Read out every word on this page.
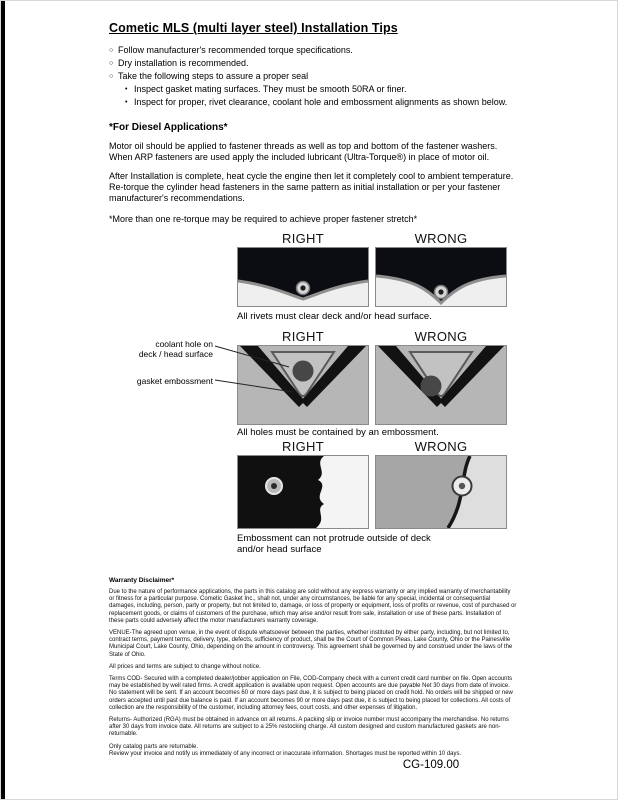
Cometic MLS (multi layer steel) Installation Tips
○ Follow manufacturer's recommended torque specifications.
○ Dry installation is recommended.
○ Take the following steps to assure a proper seal
• Inspect gasket mating surfaces. They must be smooth 50RA or finer.
• Inspect for proper, rivet clearance, coolant hole and embossment alignments as shown below.
*For Diesel Applications*
Motor oil should be applied to fastener threads as well as top and bottom of the fastener washers. When ARP fasteners are used apply the included lubricant (Ultra-Torque®) in place of motor oil.
After Installation is complete, heat cycle the engine then let it completely cool to ambient temperature. Re-torque the cylinder head fasteners in the same pattern as initial installation or per your fastener manufacturer's recommendations.
*More than one re-torque may be required to achieve proper fastener stretch*
RIGHT	WRONG
All rivets must clear deck and/or head surface.
RIGHT	WRONG
coolant hole on
deck / head surface
gasket embossment
All holes must be contained by an embossment.
RIGHT	WRONG
Embossment can not protrude outside of deck and/or head surface
Warranty Disclaimer*
Due to the nature of performance applications, the parts in this catalog are sold without any express warranty or any implied warranty of merchantability or fitness for a particular purpose. Cometic Gasket Inc., shall not, under any circumstances, be liable for any special, incidental or consequential damages, including, person, party or property, but not limited to, damage, or loss of property or equipment, loss of profits or revenue, cost of purchased or replacement goods, or claims of customers of the purchase, which may arise and/or result from sale, installation or use of these parts. Installation of these parts could adversely affect the motor manufacturers warranty coverage.
VENUE-The agreed upon venue, in the event of dispute whatsoever between the parties, whether instituted by either party, including, but not limited to, contract terms, payment terms, delivery, type, defects, sufficiency of product, shall be the Court of Common Pleas, Lake County, Ohio or the Painesville Municipal Court, Lake County, Ohio, depending on the amount in controversy. This agreement shall be governed by and construed under the laws of the State of Ohio.
All prices and terms are subject to change without notice.
Terms COD- Secured with a completed dealer/jobber application on File, COD-Company check with a current credit card number on file. Open accounts may be established by well rated firms. A credit application is available upon request. Open accounts are due payable Net 30 days from date of invoice. No statement will be sent. If an account becomes 60 or more days past due, it is subject to being placed on credit hold. No orders will be shipped or new orders accepted until past due balance is paid. If an account becomes 90 or more days past due, it is subject to being placed for collections. All costs of collection are the responsibility of the customer, including attorney fees, court costs, and other expenses of litigation.
Returns- Authorized (RGA) must be obtained in advance on all returns. A packing slip or invoice number must accompany the merchandise. No returns after 30 days from invoice date. All returns are subject to a 25% restocking charge. All custom designed and custom manufactured gaskets are non-returnable.
Only catalog parts are returnable.
Review your invoice and notify us immediately of any incorrect or inaccurate information. Shortages must be reported within 10 days.
CG-109.00
